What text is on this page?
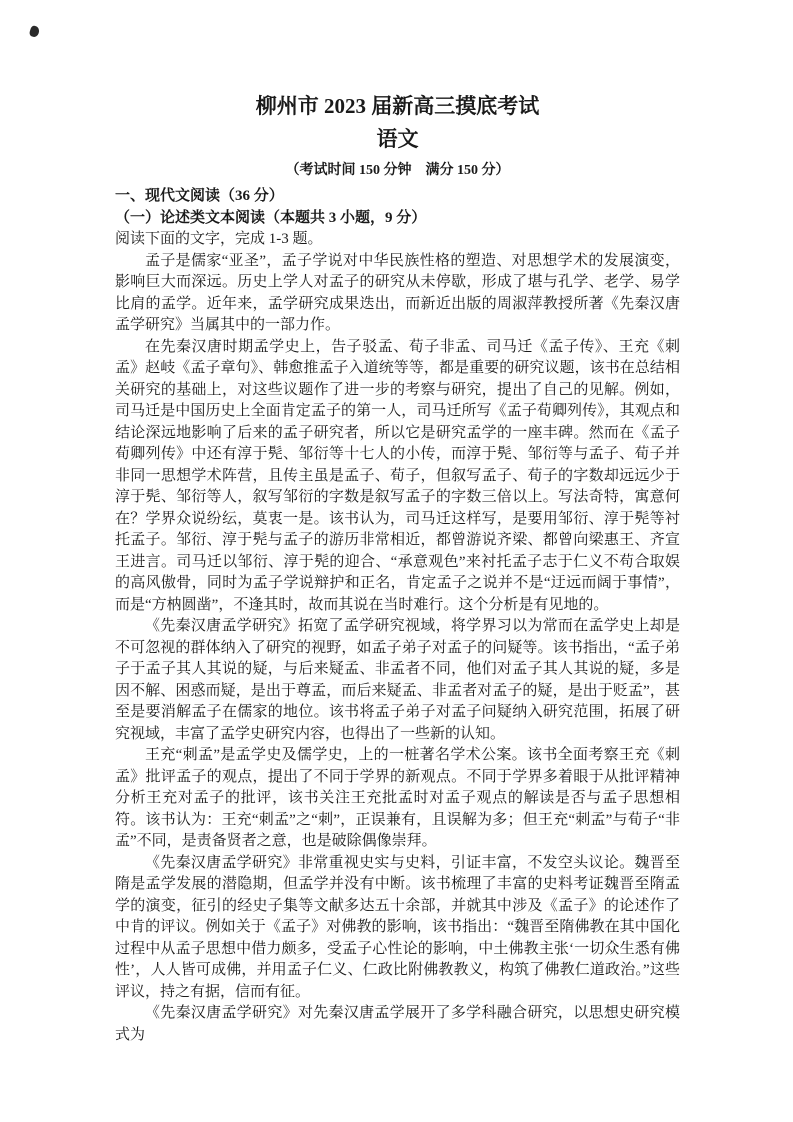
柳州市 2023 届新高三摸底考试
语文
（考试时间 150 分钟　满分 150 分）
一、现代文阅读（36 分）
（一）论述类文本阅读（本题共 3 小题，9 分）
阅读下面的文字，完成 1-3 题。

孟子是儒家“亚圣”，孟子学说对中华民族性格的塑造、对思想学术的发展演变，影响巨大而深远。历史上学人对孟子的研究从未停歇，形成了堪与孔学、老学、易学比肩的孟学。近年来，孟学研究成果迭出，而新近出版的周淑萍教授所著《先秦汉唐孟学研究》当属其中的一部力作。

在先秦汉唐时期孟学史上，告子驳孟、荀子非孟、司马迁《孟子传》、王充《刺孟》赵岐《孟子章句》、韩愈推孟子入道统等等，都是重要的研究议题，该书在总结相关研究的基础上，对这些议题作了进一步的考察与研究，提出了自己的见解。例如，司马迁是中国历史上全面肯定孟子的第一人，司马迁所写《孟子荀卿列传》，其观点和结论深远地影响了后来的孟子研究者，所以它是研究孟学的一座丰碑。然而在《孟子荀卿列传》中还有淳于髡、邹衍等十七人的小传，而淳于髡、邹衍等与孟子、荀子并非同一思想学术阵营，且传主虽是孟子、荀子，但叙写孟子、荀子的字数却远远少于淳于髡、邹衍等人，叙写邹衍的字数是叙写孟子的字数三倍以上。写法奇特，寓意何在？学界众说纷纭，莫衷一是。该书认为，司马迁这样写，是要用邹衍、淳于髡等衬托孟子。邹衍、淳于髡与孟子的游历非常相近，都曾游说齐梁、都曾向梁惠王、齐宣王进言。司马迁以邹衍、淳于髡的迎合、“承意观色”来衬托孟子志于仁义不苟合取娱的高风傲骨，同时为孟子学说辩护和正名，肯定孟子之说并不是“迂远而阔于事情”，而是“方枘圆凿”，不逢其时，故而其说在当时难行。这个分析是有见地的。

《先秦汉唐孟学研究》拓宽了孟学研究视域，将学界习以为常而在孟学史上却是不可忽视的群体纳入了研究的视野，如孟子弟子对孟子的问疑等。该书指出，“孟子弟子于孟子其人其说的疑，与后来疑孟、非孟者不同，他们对孟子其人其说的疑，多是因不解、困惑而疑，是出于尊孟，而后来疑孟、非孟者对孟子的疑，是出于贬孟”，甚至是要消解孟子在儒家的地位。该书将孟子弟子对孟子问疑纳入研究范围，拓展了研究视域，丰富了孟学史研究内容，也得出了一些新的认知。

王充“刺孟”是孟学史及儒学史，上的一桩著名学术公案。该书全面考察王充《刺孟》批评孟子的观点，提出了不同于学界的新观点。不同于学界多着眼于从批评精神分析王充对孟子的批评，该书关注王充批孟时对孟子观点的解读是否与孟子思想相符。该书认为：王充“刺孟”之“刺”，正误兼有，且误解为多；但王充“刺孟”与荀子“非孟”不同，是责备贤者之意，也是破除偶像崇拜。

《先秦汉唐孟学研究》非常重视史实与史料，引证丰富，不发空头议论。魏晋至隋是孟学发展的潜隐期，但孟学并没有中断。该书梳理了丰富的史料考证魏晋至隋孟学的演变，征引的经史子集等文献多达五十余部，并就其中涉及《孟子》的论述作了中肯的评议。例如关于《孟子》对佛教的影响，该书指出：“魏晋至隋佛教在其中国化过程中从孟子思想中借力颇多，受孟子心性论的影响，中土佛教主张‘一切众生悉有佛性’，人人皆可成佛，并用孟子仁义、仁政比附佛教教义，构筑了佛教仁道政治。”这些评议，持之有据，信而有征。

《先秦汉唐孟学研究》对先秦汉唐孟学展开了多学科融合研究，以思想史研究模式为
